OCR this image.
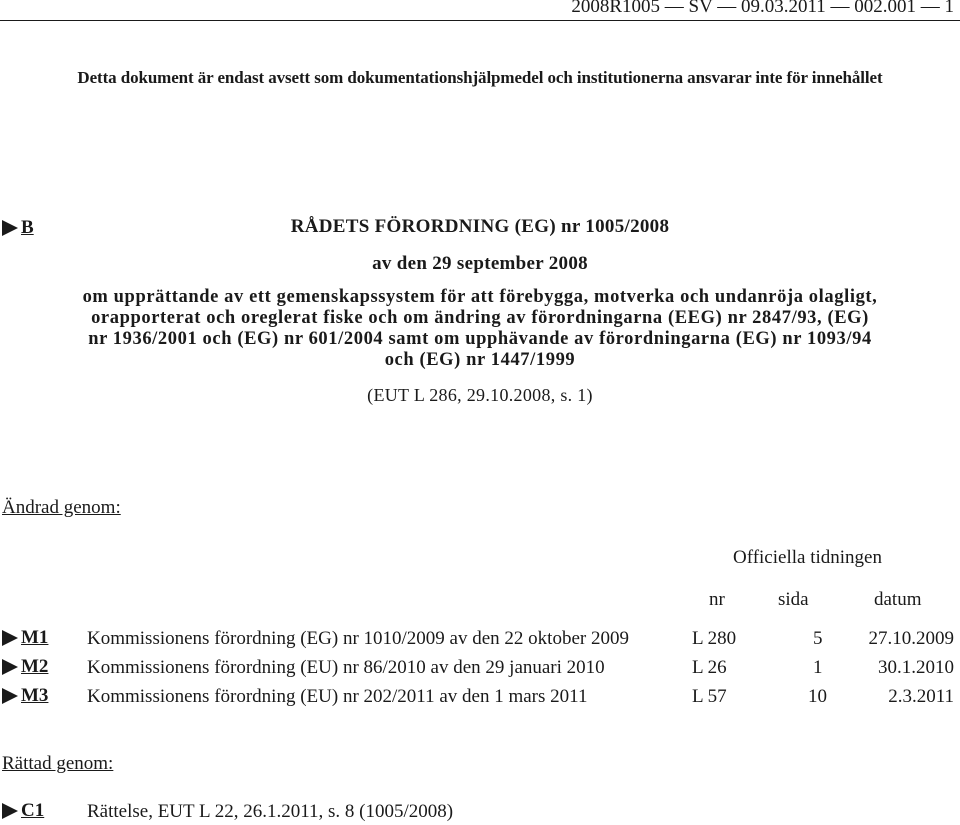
2008R1005 — SV — 09.03.2011 — 002.001 — 1
Detta dokument är endast avsett som dokumentationshjälpmedel och institutionerna ansvarar inte för innehållet
B	RÅDETS FÖRORDNING (EG) nr 1005/2008
av den 29 september 2008
om upprättande av ett gemenskapssystem för att förebygga, motverka och undanröja olagligt,
orapporterat och oreglerat fiske och om ändring av förordningarna (EEG) nr 2847/93, (EG)
nr 1936/2001 och (EG) nr 601/2004 samt om upphävande av förordningarna (EG) nr 1093/94
och (EG) nr 1447/1999
(EUT L 286, 29.10.2008, s. 1)
Ändrad genom:
Officiella tidningen
nr	sida	datum
M1 Kommissionens förordning (EG) nr 1010/2009 av den 22 oktober 2009	L 280	5 27.10.2009
M2 Kommissionens förordning (EU) nr 86/2010 av den 29 januari 2010	L 26	1	30.1.2010
M3 Kommissionens förordning (EU) nr 202/2011 av den 1 mars 2011	L 57	10	2.3.2011
Rättad genom:
C1 Rättelse, EUT L 22, 26.1.2011, s. 8 (1005/2008)
